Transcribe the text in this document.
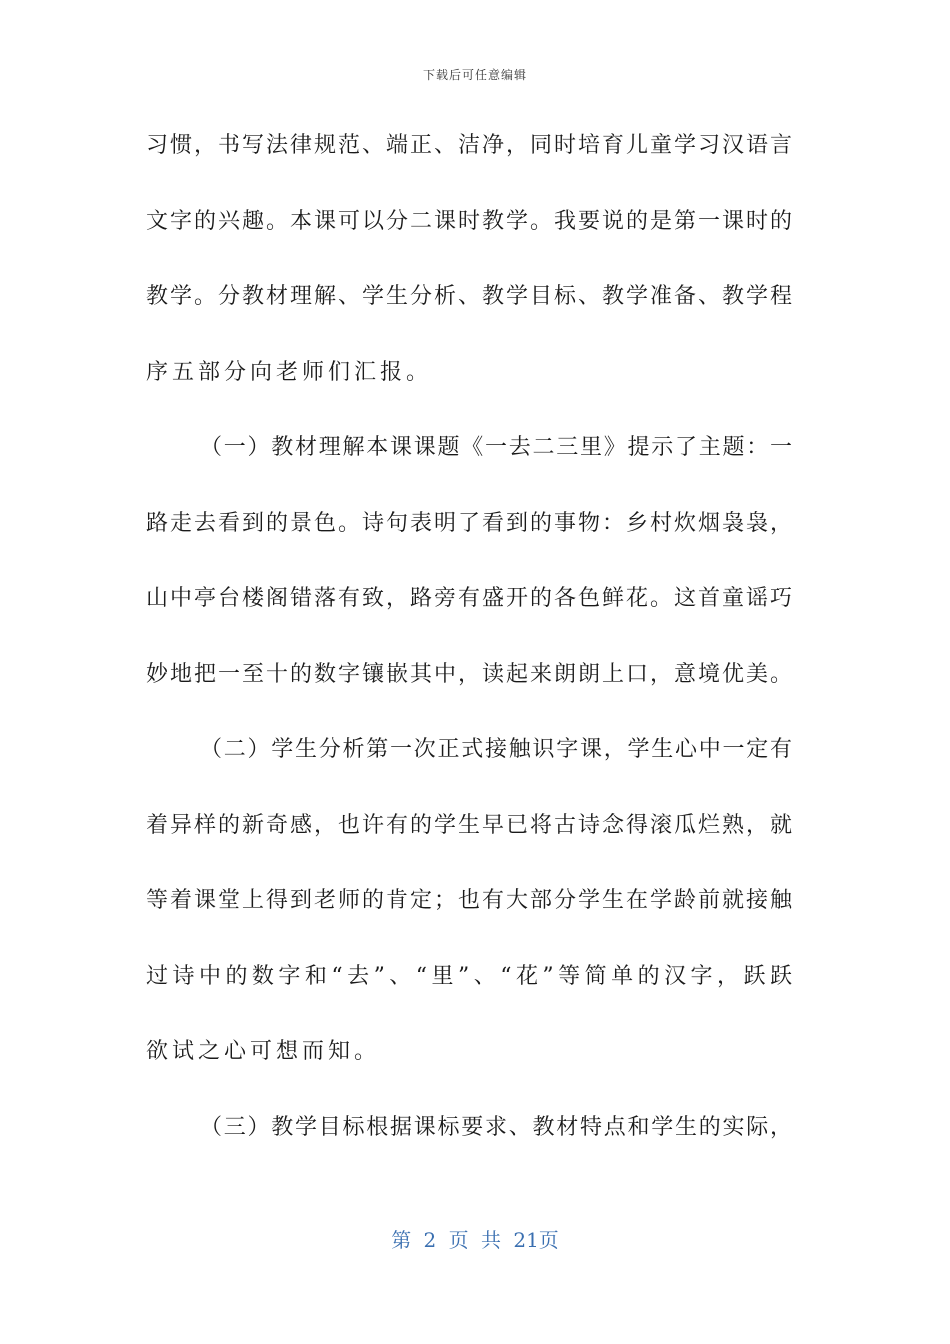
下载后可任意编辑
习惯，书写法律规范、端正、洁净，同时培育儿童学习汉语言
文字的兴趣。本课可以分二课时教学。我要说的是第一课时的
教学。分教材理解、学生分析、教学目标、教学准备、教学程
序五部分向老师们汇报。
（一）教材理解本课课题《一去二三里》提示了主题：一
路走去看到的景色。诗句表明了看到的事物：乡村炊烟袅袅，
山中亭台楼阁错落有致，路旁有盛开的各色鲜花。这首童谣巧
妙地把一至十的数字镶嵌其中，读起来朗朗上口，意境优美。
（二）学生分析第一次正式接触识字课，学生心中一定有
着异样的新奇感，也许有的学生早已将古诗念得滚瓜烂熟，就
等着课堂上得到老师的肯定；也有大部分学生在学龄前就接触
过诗中的数字和“去”、“里”、“花”等简单的汉字，跃跃
欲试之心可想而知。
（三）教学目标根据课标要求、教材特点和学生的实际，
第 2 页 共 21页
